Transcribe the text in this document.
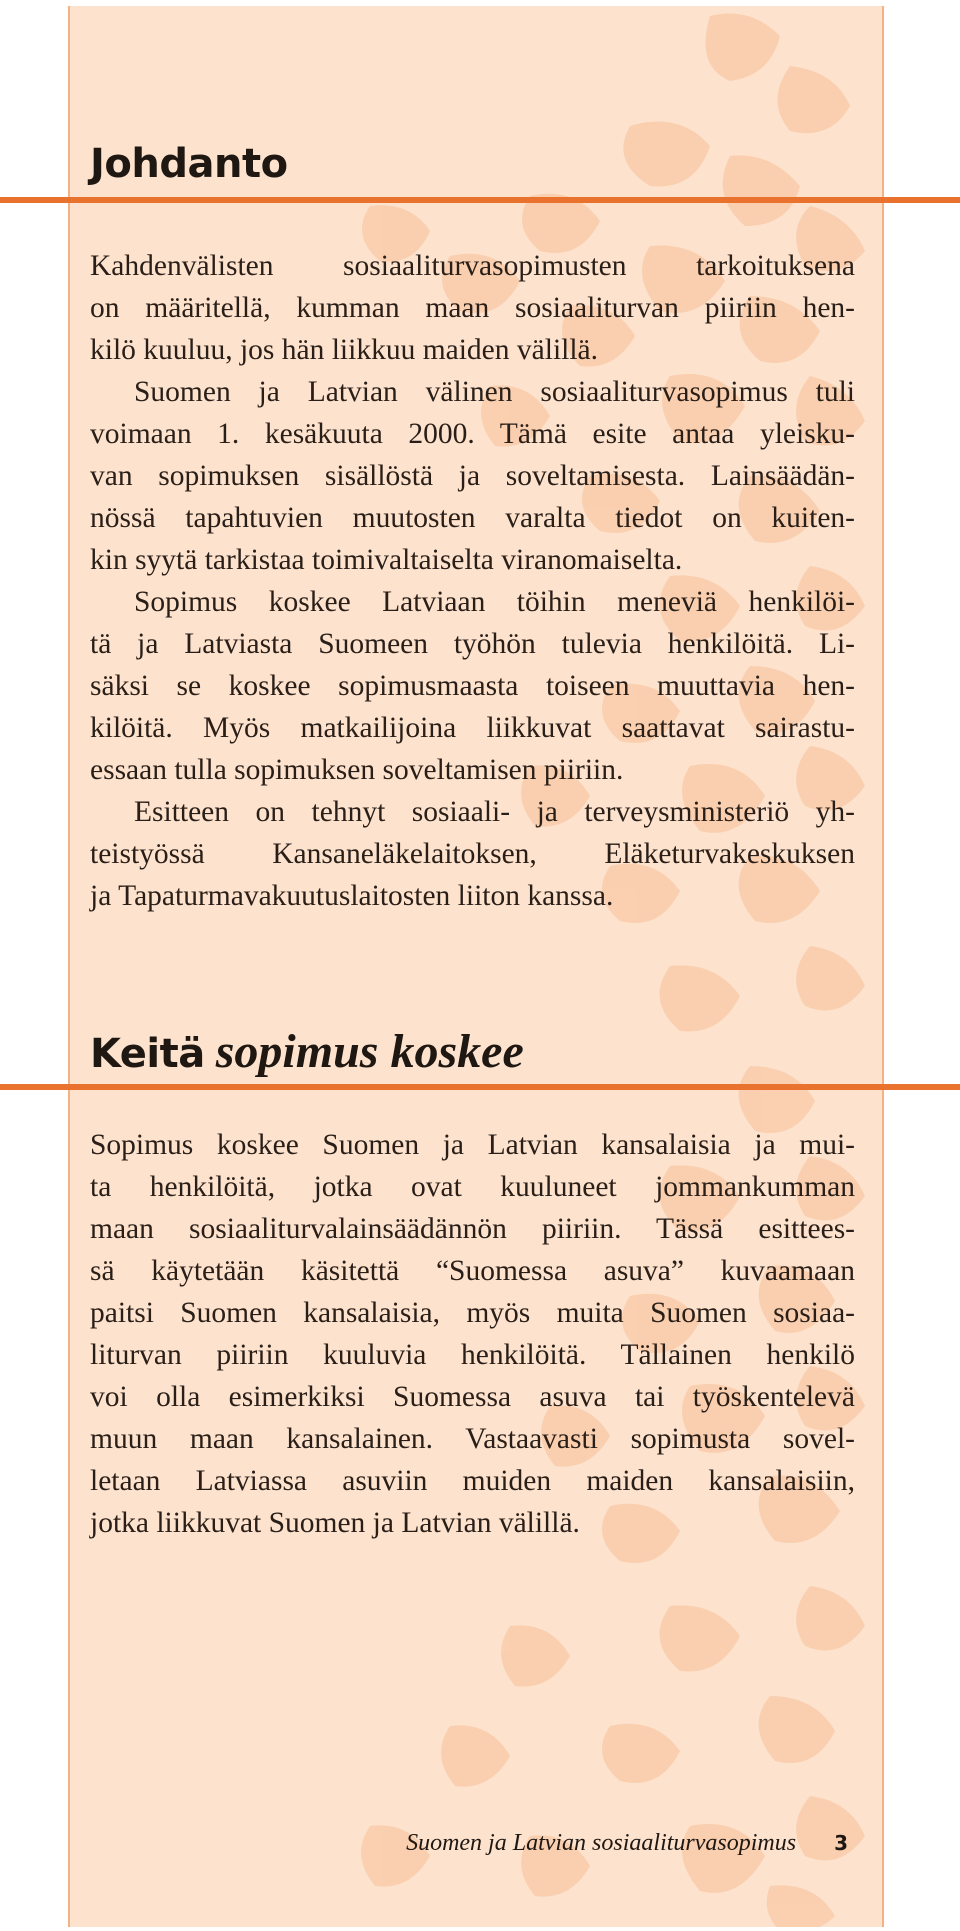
Johdanto

Kahdenvälisten sosiaaliturvasopimusten tarkoituksena
on määritellä, kumman maan sosiaaliturvan piiriin hen-
kilö kuuluu, jos hän liikkuu maiden välillä.

Suomen ja Latvian välinen sosiaaliturvasopimus tuli
voimaan 1. kesäkuuta 2000. Tämä esite antaa yleisku-
van sopimuksen sisällöstä ja soveltamisesta. Lainsäädän-
nössä tapahtuvien muutosten varalta tiedot on kuiten-
kin syytä tarkistaa toimivaltaiselta viranomaiselta.

Sopimus koskee Latviaan töihin meneviä henkilöi-
tä ja Latviasta Suomeen työhön tulevia henkilöitä. Li-
säksi se koskee sopimusmaasta toiseen muuttavia hen-
kilöitä. Myös matkailijoina liikkuvat saattavat sairastu-
essaan tulla sopimuksen soveltamisen piiriin.

Esitteen on tehnyt sosiaali- ja terveysministeriö yh-
teistyössä Kansaneläkelaitoksen, Eläketurvakeskuksen
ja Tapaturmavakuutuslaitosten liiton kanssa.

Keitä sopimus koskee

Sopimus koskee Suomen ja Latvian kansalaisia ja mui-
ta henkilöitä, jotka ovat kuuluneet jommankumman
maan sosiaaliturvalainsäädännön piiriin. Tässä esittees-
sä käytetään käsitettä “Suomessa asuva” kuvaamaan
paitsi Suomen kansalaisia, myös muita Suomen sosiaa-
liturvan piiriin kuuluvia henkilöitä. Tällainen henkilö
voi olla esimerkiksi Suomessa asuva tai työskentelevä
muun maan kansalainen. Vastaavasti sopimusta sovel-
letaan Latviassa asuviin muiden maiden kansalaisiin,
jotka liikkuvat Suomen ja Latvian välillä.

Suomen ja Latvian sosiaaliturvasopimus 3
